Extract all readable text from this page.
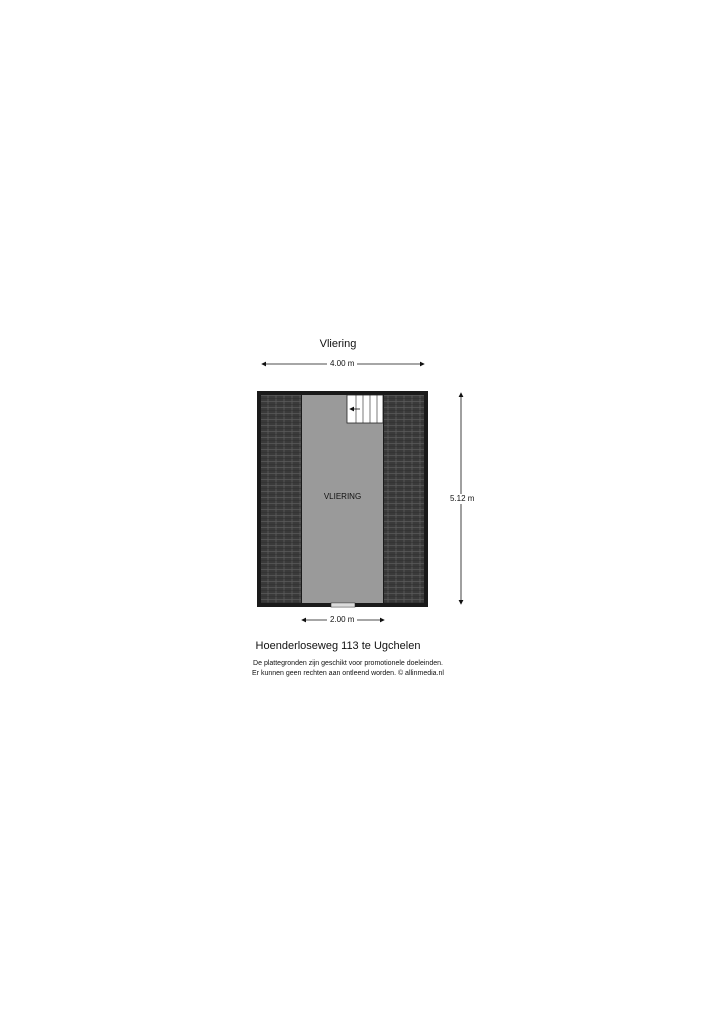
Vliering
4.00 m
VLIERING	5.12 m
2.00 m
Hoenderloseweg 113 te Ugchelen
De plattegronden zijn geschikt voor promotionele doeleinden.
Er kunnen geen rechten aan ontleend worden. © allinmedia.nl
